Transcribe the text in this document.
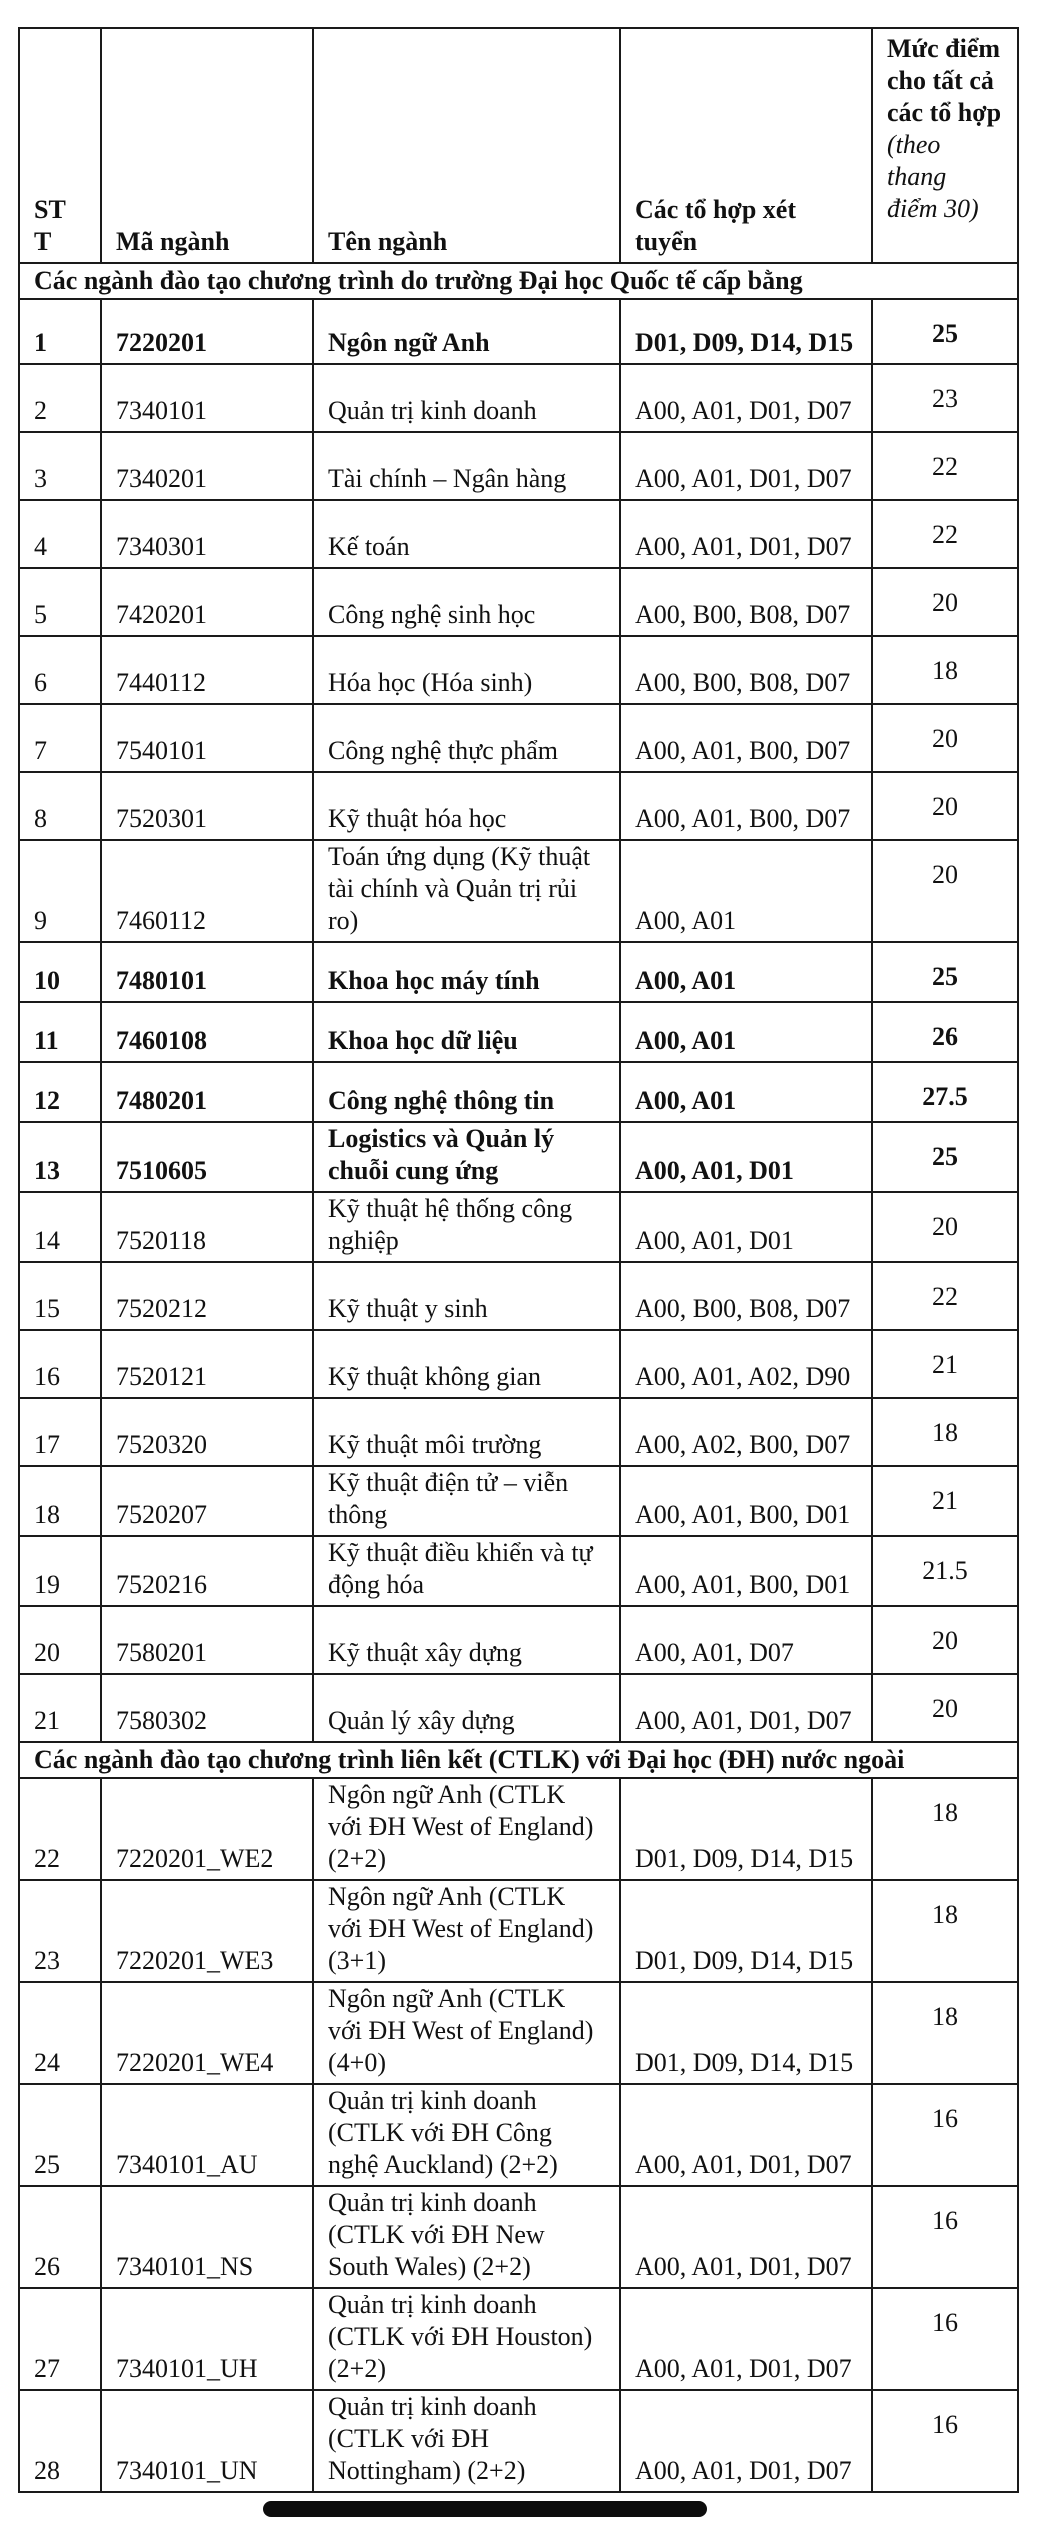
ST T	Mã ngành	Tên ngành	Các tổ hợp xét tuyển	Mức điểm cho tất cả các tổ hợp (theo thang điểm 30)
Các ngành đào tạo chương trình do trường Đại học Quốc tế cấp bằng				
1	7220201	Ngôn ngữ Anh	D01, D09, D14, D15	25
2	7340101	Quản trị kinh doanh	A00, A01, D01, D07	23
3	7340201	Tài chính – Ngân hàng	A00, A01, D01, D07	22
4	7340301	Kế toán	A00, A01, D01, D07	22
5	7420201	Công nghệ sinh học	A00, B00, B08, D07	20
6	7440112	Hóa học (Hóa sinh)	A00, B00, B08, D07	18
7	7540101	Công nghệ thực phẩm	A00, A01, B00, D07	20
8	7520301	Kỹ thuật hóa học	A00, A01, B00, D07	20
9	7460112	Toán ứng dụng (Kỹ thuật tài chính và Quản trị rủi ro)	A00, A01	20
10	7480101	Khoa học máy tính	A00, A01	25
11	7460108	Khoa học dữ liệu	A00, A01	26
12	7480201	Công nghệ thông tin	A00, A01	27.5
13	7510605	Logistics và Quản lý chuỗi cung ứng	A00, A01, D01	25
14	7520118	Kỹ thuật hệ thống công nghiệp	A00, A01, D01	20
15	7520212	Kỹ thuật y sinh	A00, B00, B08, D07	22
16	7520121	Kỹ thuật không gian	A00, A01, A02, D90	21
17	7520320	Kỹ thuật môi trường	A00, A02, B00, D07	18
18	7520207	Kỹ thuật điện tử – viễn thông	A00, A01, B00, D01	21
19	7520216	Kỹ thuật điều khiển và tự động hóa	A00, A01, B00, D01	21.5
20	7580201	Kỹ thuật xây dựng	A00, A01, D07	20
21	7580302	Quản lý xây dựng	A00, A01, D01, D07	20
Các ngành đào tạo chương trình liên kết (CTLK) với Đại học (ĐH) nước ngoài				
22	7220201_WE2	Ngôn ngữ Anh (CTLK với ĐH West of England) (2+2)	D01, D09, D14, D15	18
23	7220201_WE3	Ngôn ngữ Anh (CTLK với ĐH West of England) (3+1)	D01, D09, D14, D15	18
24	7220201_WE4	Ngôn ngữ Anh (CTLK với ĐH West of England) (4+0)	D01, D09, D14, D15	18
25	7340101_AU	Quản trị kinh doanh (CTLK với ĐH Công nghệ Auckland) (2+2)	A00, A01, D01, D07	16
26	7340101_NS	Quản trị kinh doanh (CTLK với ĐH New South Wales) (2+2)	A00, A01, D01, D07	16
27	7340101_UH	Quản trị kinh doanh (CTLK với ĐH Houston) (2+2)	A00, A01, D01, D07	16
28	7340101_UN	Quản trị kinh doanh (CTLK với ĐH Nottingham) (2+2)	A00, A01, D01, D07	16
